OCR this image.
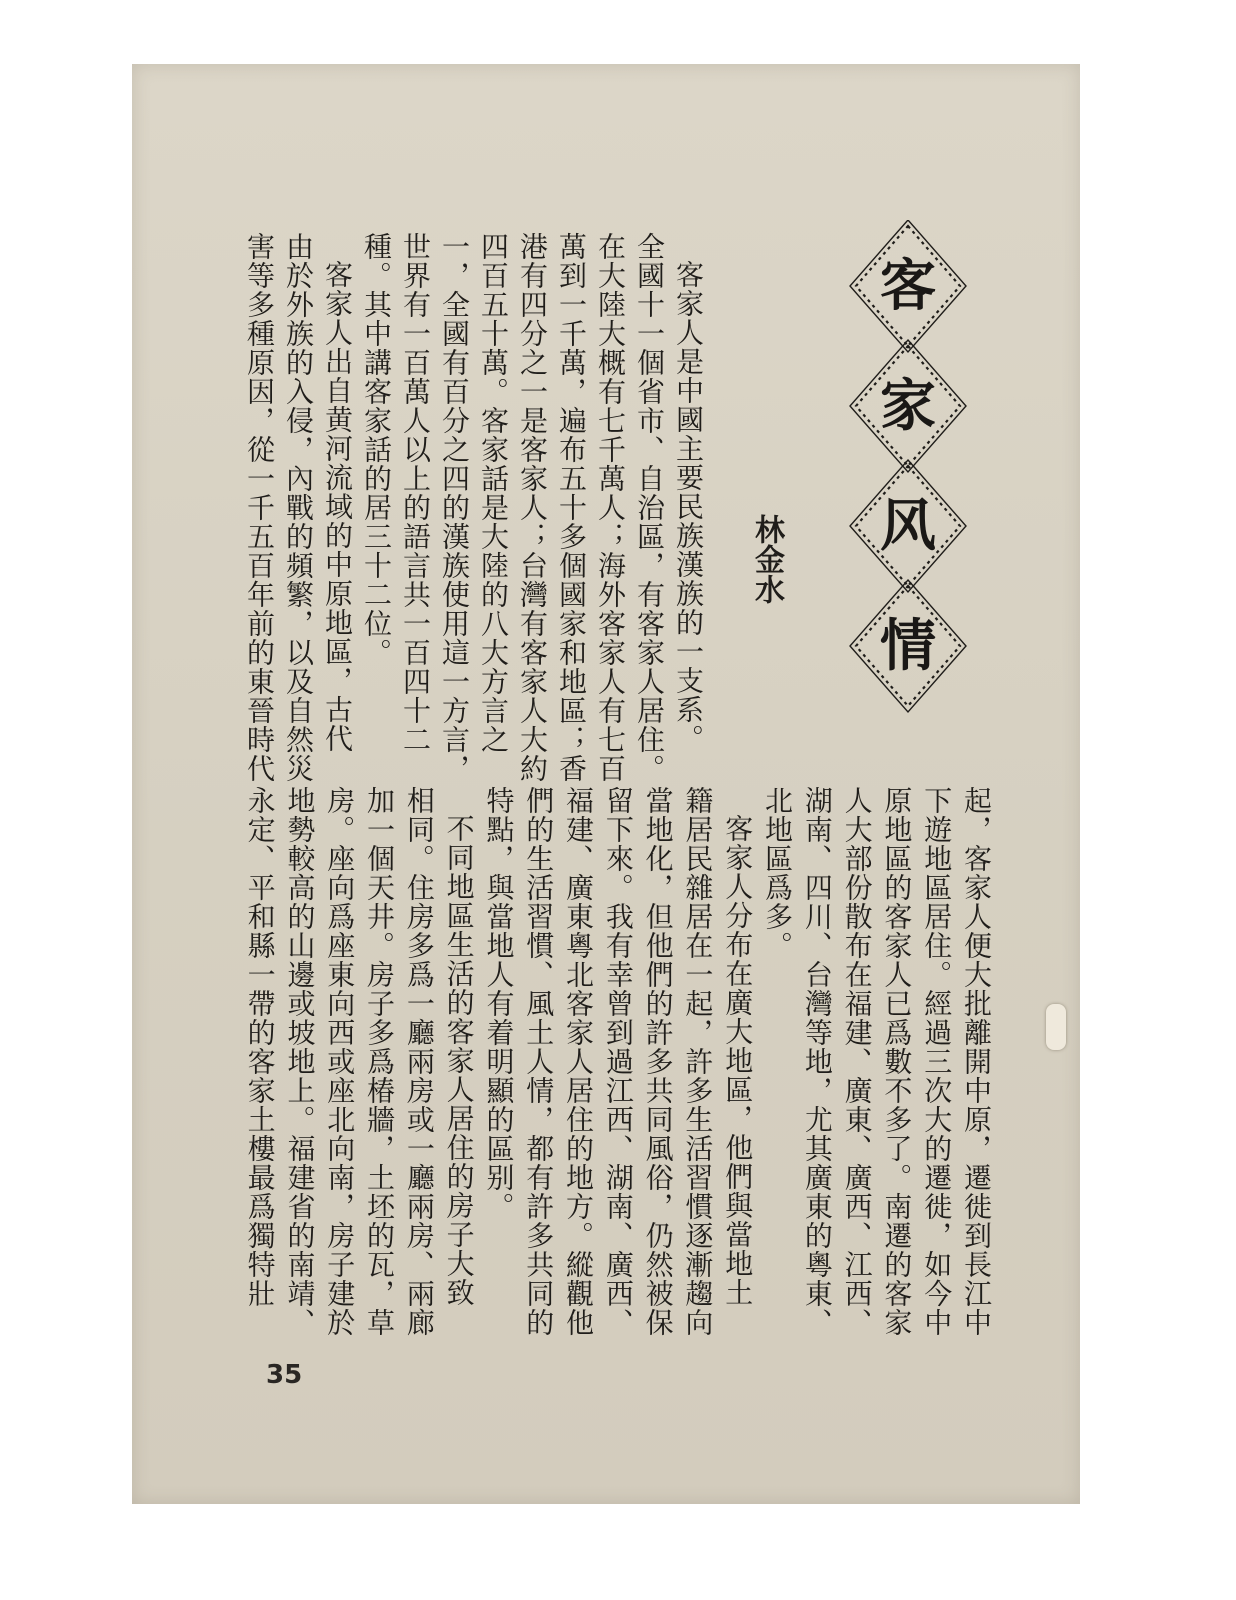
客
家
风
情
林金水
客家人是中國主要民族漢族的一支系。
全國十一個省市、自治區，有客家人居住。
在大陸大概有七千萬人；海外客家人有七百
萬到一千萬，遍布五十多個國家和地區；香
港有四分之一是客家人；台灣有客家人大約
四百五十萬。客家話是大陸的八大方言之
一，全國有百分之四的漢族使用這一方言，
世界有一百萬人以上的語言共一百四十二
種。其中講客家話的居三十二位。
客家人出自黄河流域的中原地區，古代
由於外族的入侵，內戰的頻繁，以及自然災
害等多種原因，從一千五百年前的東晉時代
起，客家人便大批離開中原，遷徙到長江中
下遊地區居住。經過三次大的遷徙，如今中
原地區的客家人已爲數不多了。南遷的客家
人大部份散布在福建、廣東、廣西、江西、
湖南、四川、台灣等地，尤其廣東的粵東、
北地區爲多。
客家人分布在廣大地區，他們與當地土
籍居民雜居在一起，許多生活習慣逐漸趨向
當地化，但他們的許多共同風俗，仍然被保
留下來。我有幸曾到過江西、湖南、廣西、
福建、廣東粵北客家人居住的地方。縱觀他
們的生活習慣、風土人情，都有許多共同的
特點，與當地人有着明顯的區别。
不同地區生活的客家人居住的房子大致
相同。住房多爲一廳兩房或一廳兩房、兩廊
加一個天井。房子多爲椿牆，土坯的瓦，草
房。座向爲座東向西或座北向南，房子建於
地勢較高的山邊或坡地上。福建省的南靖、
永定、平和縣一帶的客家土樓最爲獨特壯
35
